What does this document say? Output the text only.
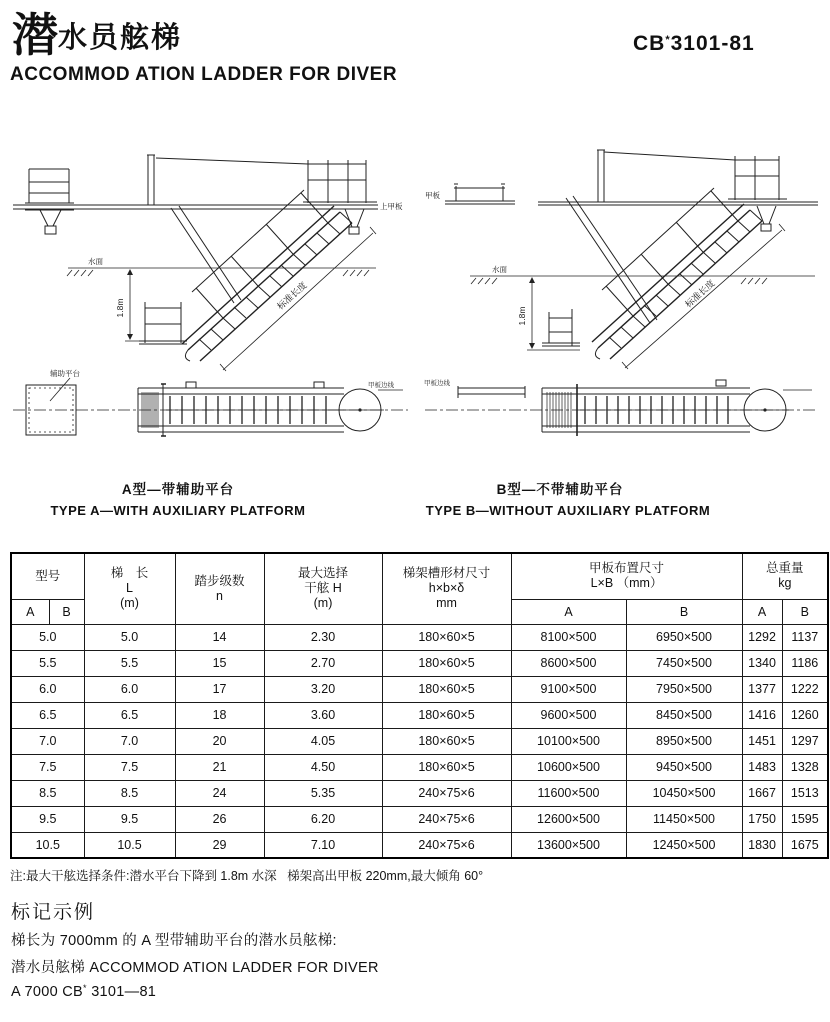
潜水员舷梯	CB*3101-81
ACCOMMOD ATION LADDER FOR DIVER
上甲板
水面
1.8m	标准长度
辅助平台
甲板边线
甲板
水面
1.8m
标准长度
甲板边线
A型—带辅助平台
TYPE A—WITH AUXILIARY PLATFORM
B型—不带辅助平台
TYPE B—WITHOUT AUXILIARY PLATFORM
型号	梯　长
L
(m)

踏步级数
n

最大选择
干舷 H
(m)

梯架槽形材尺寸
h×b×δ
mm

甲板布置尺寸
L×B （mm）

总重量
kg

A	B					A	B	A	B
5.0		5.0	14	2.30	180×60×5	8100×500	6950×500	1292	1137
5.5		5.5	15	2.70	180×60×5	8600×500	7450×500	1340	1186
6.0		6.0	17	3.20	180×60×5	9100×500	7950×500	1377	1222
6.5		6.5	18	3.60	180×60×5	9600×500	8450×500	1416	1260
7.0		7.0	20	4.05	180×60×5	10100×500	8950×500	1451	1297
7.5		7.5	21	4.50	180×60×5	10600×500	9450×500	1483	1328
8.5		8.5	24	5.35	240×75×6	11600×500	10450×500	1667	1513
9.5		9.5	26	6.20	240×75×6	12600×500	11450×500	1750	1595
10.5		10.5	29	7.10	240×75×6	13600×500	12450×500	1830	1675
注:最大干舷选择条件:潜水平台下降到 1.8m 水深   梯架高出甲板 220mm,最大倾角 60°
标记示例
梯长为 7000mm 的 A 型带辅助平台的潜水员舷梯:
潜水员舷梯 ACCOMMOD ATION LADDER FOR DIVER
A 7000 CB* 3101—81
